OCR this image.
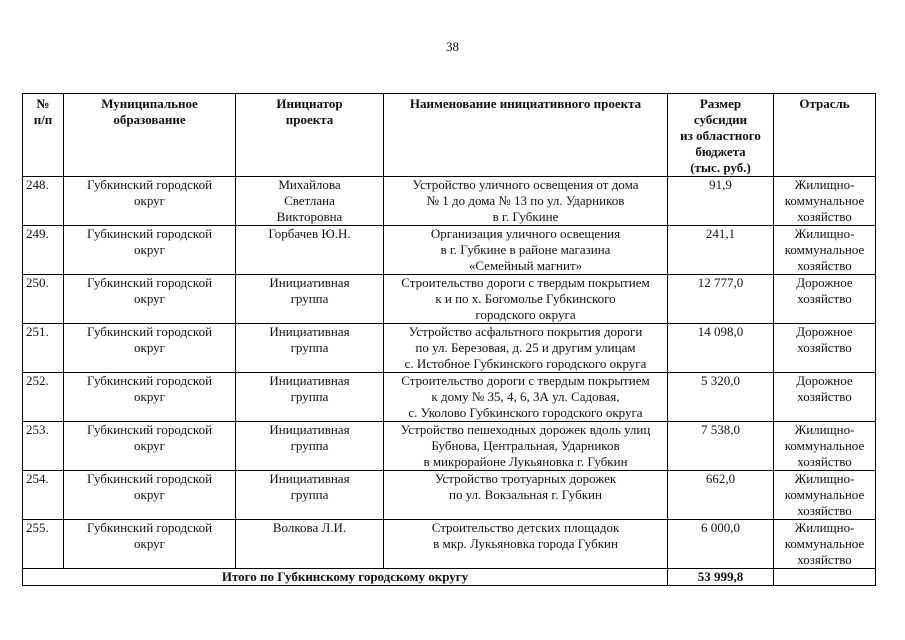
38
№
п/п	Муниципальное
образование	Инициатор
проекта	Наименование инициативного проекта	Размер
субсидии
из областного
бюджета
(тыс. руб.)	Отрасль

248.	Губкинский городской
округ	Михайлова
Светлана
Викторовна	Устройство уличного освещения от дома
№ 1 до дома № 13 по ул. Ударников
в г. Губкине	91,9	Жилищно-
коммунальное
хозяйство

249.	Губкинский городской
округ	Горбачев Ю.Н.	Организация уличного освещения
в г. Губкине в районе магазина
«Семейный магнит»	241,1	Жилищно-
коммунальное
хозяйство

250.	Губкинский городской
округ	Инициативная
группа	Строительство дороги с твердым покрытием
к и по х. Богомолье Губкинского
городского округа	12 777,0	Дорожное
хозяйство

251.	Губкинский городской
округ	Инициативная
группа	Устройство асфальтного покрытия дороги
по ул. Березовая, д. 25 и другим улицам
с. Истобное Губкинского городского округа	14 098,0	Дорожное
хозяйство

252.	Губкинский городской
округ	Инициативная
группа	Строительство дороги с твердым покрытием
к дому № 35, 4, 6, 3А ул. Садовая,
с. Уколово Губкинского городского округа	5 320,0	Дорожное
хозяйство

253.	Губкинский городской
округ	Инициативная
группа	Устройство пешеходных дорожек вдоль улиц
Бубнова, Центральная, Ударников
в микрорайоне Лукьяновка г. Губкин	7 538,0	Жилищно-
коммунальное
хозяйство

254.	Губкинский городской
округ	Инициативная
группа	Устройство тротуарных дорожек
по ул. Вокзальная г. Губкин	662,0	Жилищно-
коммунальное
хозяйство

255.	Губкинский городской
округ	Волкова Л.И.	Строительство детских площадок
в мкр. Лукьяновка города Губкин	6 000,0	Жилищно-
коммунальное
хозяйство

Итого по Губкинскому городскому округу				53 999,8	
